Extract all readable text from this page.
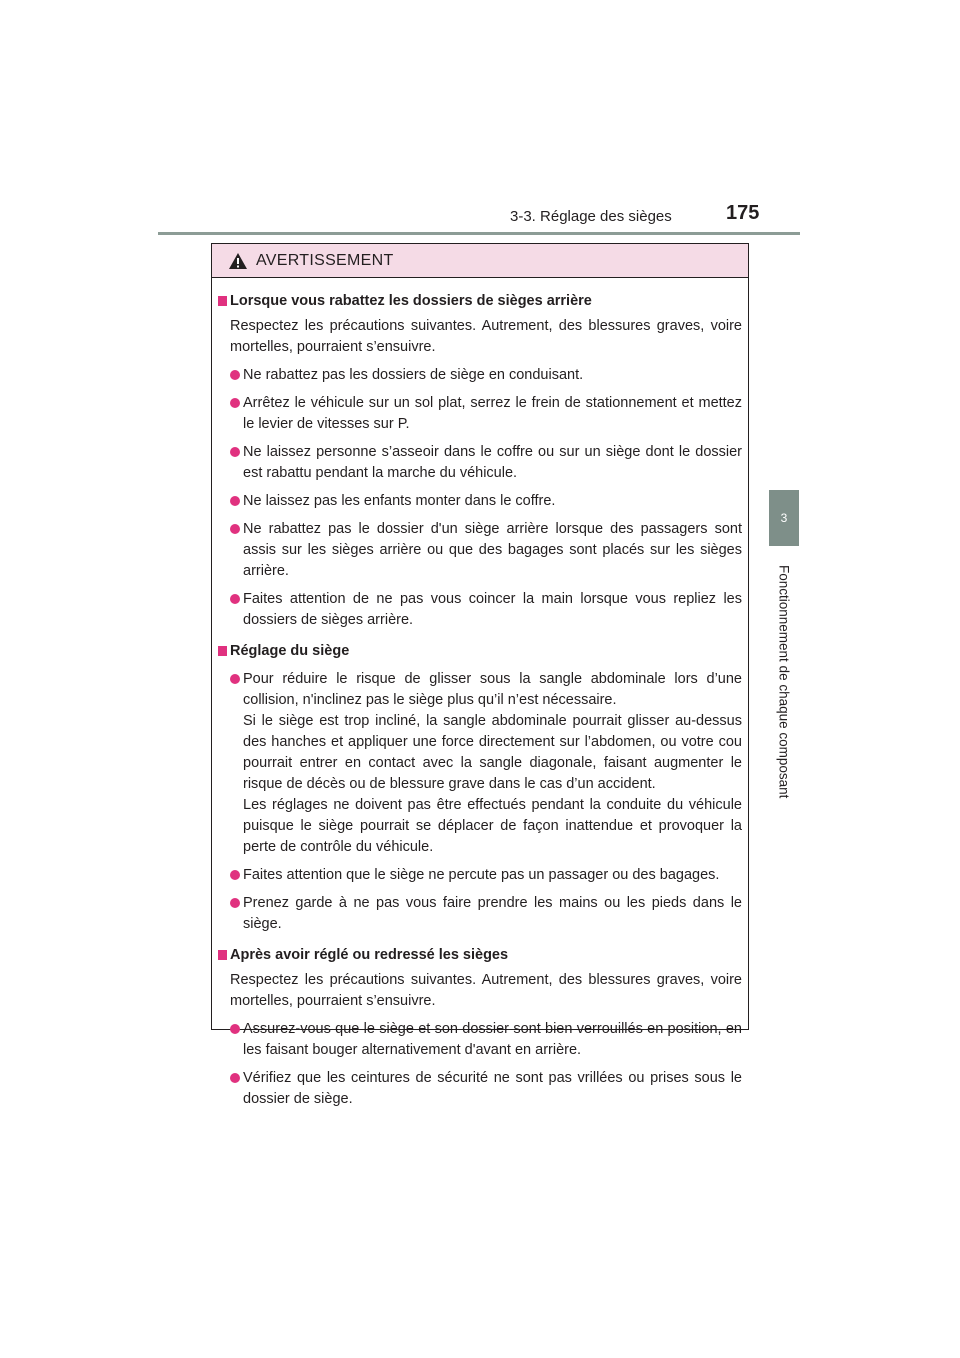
3-3. Réglage des sièges	175
3
Fonctionnement de chaque composant
AVERTISSEMENT
Lorsque vous rabattez les dossiers de sièges arrière
Respectez les précautions suivantes. Autrement, des blessures graves, voire mortelles, pourraient s’ensuivre.

Ne rabattez pas les dossiers de siège en conduisant.

Arrêtez le véhicule sur un sol plat, serrez le frein de stationnement et mettez le levier de vitesses sur P.

Ne laissez personne s’asseoir dans le coffre ou sur un siège dont le dossier est rabattu pendant la marche du véhicule.

Ne laissez pas les enfants monter dans le coffre.

Ne rabattez pas le dossier d'un siège arrière lorsque des passagers sont assis sur les sièges arrière ou que des bagages sont placés sur les sièges arrière.

Faites attention de ne pas vous coincer la main lorsque vous repliez les dossiers de sièges arrière.

Réglage du siège

Pour réduire le risque de glisser sous la sangle abdominale lors d’une collision, n'inclinez pas le siège plus qu’il n’est nécessaire.

Si le siège est trop incliné, la sangle abdominale pourrait glisser au-dessus des hanches et appliquer une force directement sur l’abdomen, ou votre cou pourrait entrer en contact avec la sangle diagonale, faisant augmenter le risque de décès ou de blessure grave dans le cas d’un accident.

Les réglages ne doivent pas être effectués pendant la conduite du véhicule puisque le siège pourrait se déplacer de façon inattendue et provoquer la perte de contrôle du véhicule.

Faites attention que le siège ne percute pas un passager ou des bagages.

Prenez garde à ne pas vous faire prendre les mains ou les pieds dans le siège.

Après avoir réglé ou redressé les sièges
Respectez les précautions suivantes. Autrement, des blessures graves, voire mortelles, pourraient s’ensuivre.

Assurez-vous que le siège et son dossier sont bien verrouillés en position, en les faisant bouger alternativement d'avant en arrière.

Vérifiez que les ceintures de sécurité ne sont pas vrillées ou prises sous le dossier de siège.
